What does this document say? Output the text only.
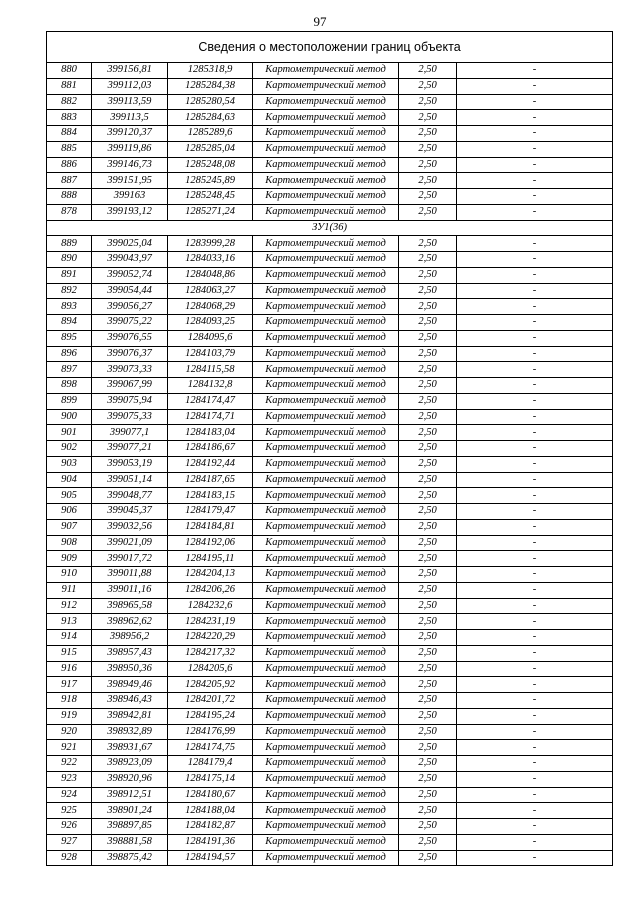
97
Сведения о местоположении границ объекта					
880	399156,81	1285318,9	Картометрический метод	2,50	-
881	399112,03	1285284,38	Картометрический метод	2,50	-
882	399113,59	1285280,54	Картометрический метод	2,50	-
883	399113,5	1285284,63	Картометрический метод	2,50	-
884	399120,37	1285289,6	Картометрический метод	2,50	-
885	399119,86	1285285,04	Картометрический метод	2,50	-
886	399146,73	1285248,08	Картометрический метод	2,50	-
887	399151,95	1285245,89	Картометрический метод	2,50	-
888	399163	1285248,45	Картометрический метод	2,50	-
878	399193,12	1285271,24	Картометрический метод	2,50	-
ЗУ1(36)					
889	399025,04	1283999,28	Картометрический метод	2,50	-
890	399043,97	1284033,16	Картометрический метод	2,50	-
891	399052,74	1284048,86	Картометрический метод	2,50	-
892	399054,44	1284063,27	Картометрический метод	2,50	-
893	399056,27	1284068,29	Картометрический метод	2,50	-
894	399075,22	1284093,25	Картометрический метод	2,50	-
895	399076,55	1284095,6	Картометрический метод	2,50	-
896	399076,37	1284103,79	Картометрический метод	2,50	-
897	399073,33	1284115,58	Картометрический метод	2,50	-
898	399067,99	1284132,8	Картометрический метод	2,50	-
899	399075,94	1284174,47	Картометрический метод	2,50	-
900	399075,33	1284174,71	Картометрический метод	2,50	-
901	399077,1	1284183,04	Картометрический метод	2,50	-
902	399077,21	1284186,67	Картометрический метод	2,50	-
903	399053,19	1284192,44	Картометрический метод	2,50	-
904	399051,14	1284187,65	Картометрический метод	2,50	-
905	399048,77	1284183,15	Картометрический метод	2,50	-
906	399045,37	1284179,47	Картометрический метод	2,50	-
907	399032,56	1284184,81	Картометрический метод	2,50	-
908	399021,09	1284192,06	Картометрический метод	2,50	-
909	399017,72	1284195,11	Картометрический метод	2,50	-
910	399011,88	1284204,13	Картометрический метод	2,50	-
911	399011,16	1284206,26	Картометрический метод	2,50	-
912	398965,58	1284232,6	Картометрический метод	2,50	-
913	398962,62	1284231,19	Картометрический метод	2,50	-
914	398956,2	1284220,29	Картометрический метод	2,50	-
915	398957,43	1284217,32	Картометрический метод	2,50	-
916	398950,36	1284205,6	Картометрический метод	2,50	-
917	398949,46	1284205,92	Картометрический метод	2,50	-
918	398946,43	1284201,72	Картометрический метод	2,50	-
919	398942,81	1284195,24	Картометрический метод	2,50	-
920	398932,89	1284176,99	Картометрический метод	2,50	-
921	398931,67	1284174,75	Картометрический метод	2,50	-
922	398923,09	1284179,4	Картометрический метод	2,50	-
923	398920,96	1284175,14	Картометрический метод	2,50	-
924	398912,51	1284180,67	Картометрический метод	2,50	-
925	398901,24	1284188,04	Картометрический метод	2,50	-
926	398897,85	1284182,87	Картометрический метод	2,50	-
927	398881,58	1284191,36	Картометрический метод	2,50	-
928	398875,42	1284194,57	Картометрический метод	2,50	-
